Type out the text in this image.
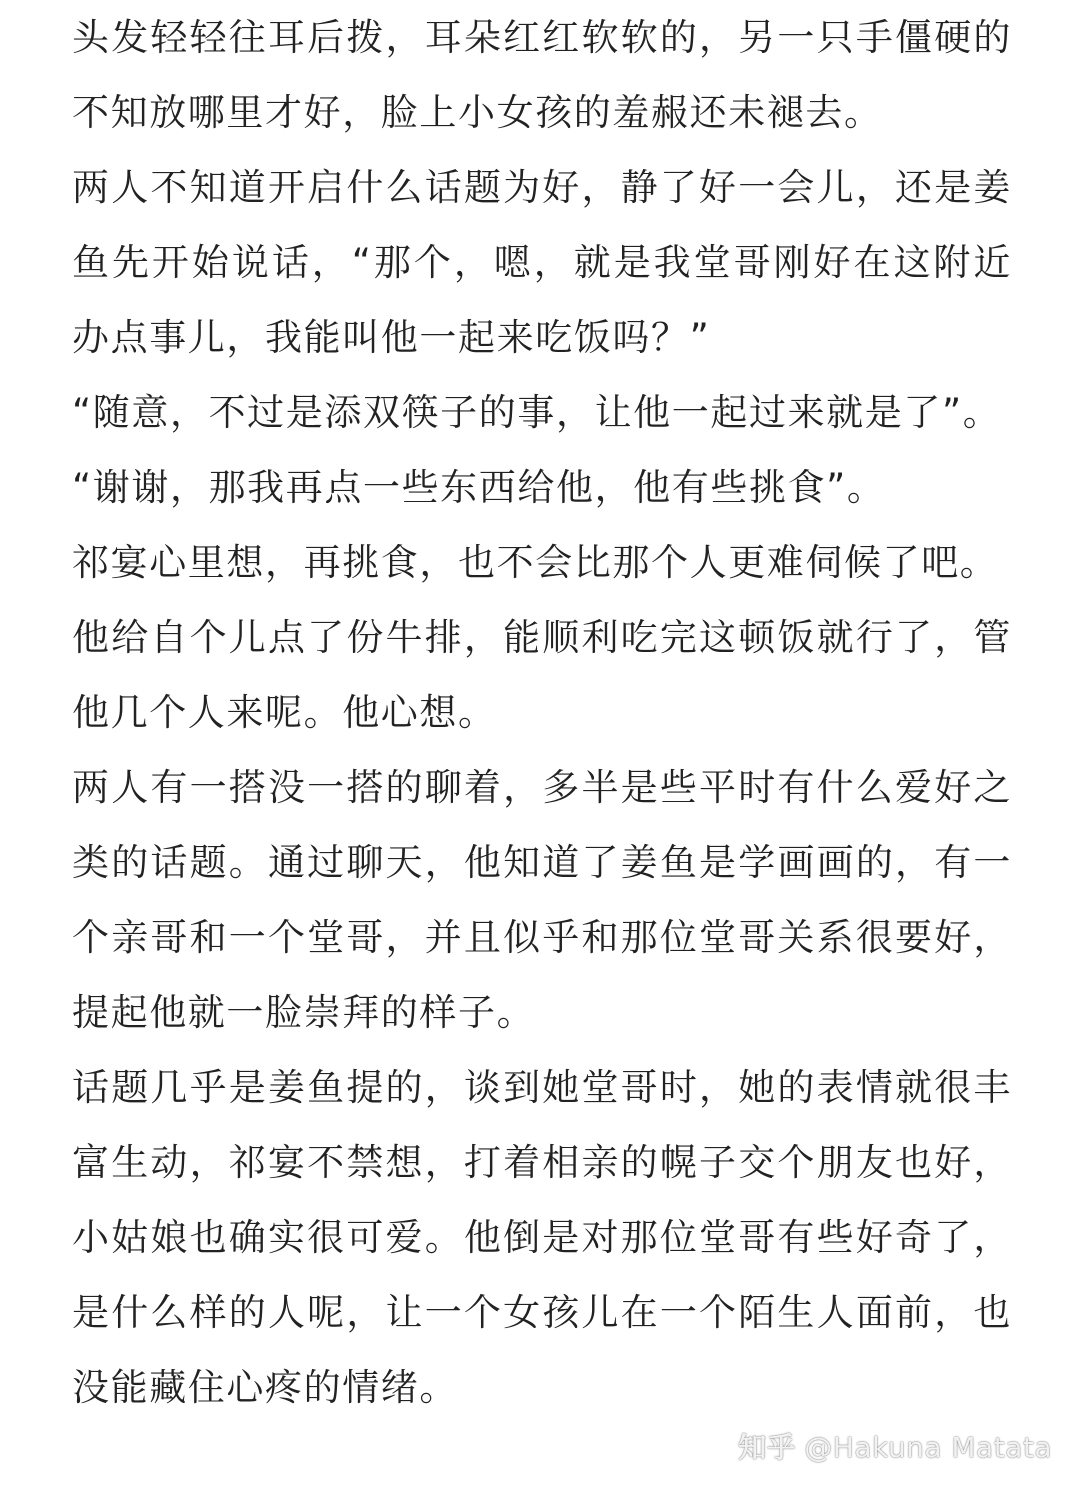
头发轻轻往耳后拨，耳朵红红软软的，另一只手僵硬的不知放哪里才好，脸上小女孩的羞赧还未褪去。

两人不知道开启什么话题为好，静了好一会儿，还是姜鱼先开始说话，“那个，嗯，就是我堂哥刚好在这附近办点事儿，我能叫他一起来吃饭吗？”

“随意，不过是添双筷子的事，让他一起过来就是了”。

“谢谢，那我再点一些东西给他，他有些挑食”。

祁宴心里想，再挑食，也不会比那个人更难伺候了吧。

他给自个儿点了份牛排，能顺利吃完这顿饭就行了，管他几个人来呢。他心想。

两人有一搭没一搭的聊着，多半是些平时有什么爱好之类的话题。通过聊天，他知道了姜鱼是学画画的，有一个亲哥和一个堂哥，并且似乎和那位堂哥关系很要好，提起他就一脸崇拜的样子。

话题几乎是姜鱼提的，谈到她堂哥时，她的表情就很丰富生动，祁宴不禁想，打着相亲的幌子交个朋友也好，小姑娘也确实很可爱。他倒是对那位堂哥有些好奇了，是什么样的人呢，让一个女孩儿在一个陌生人面前，也没能藏住心疼的情绪。

知乎 @Hakuna Matata
